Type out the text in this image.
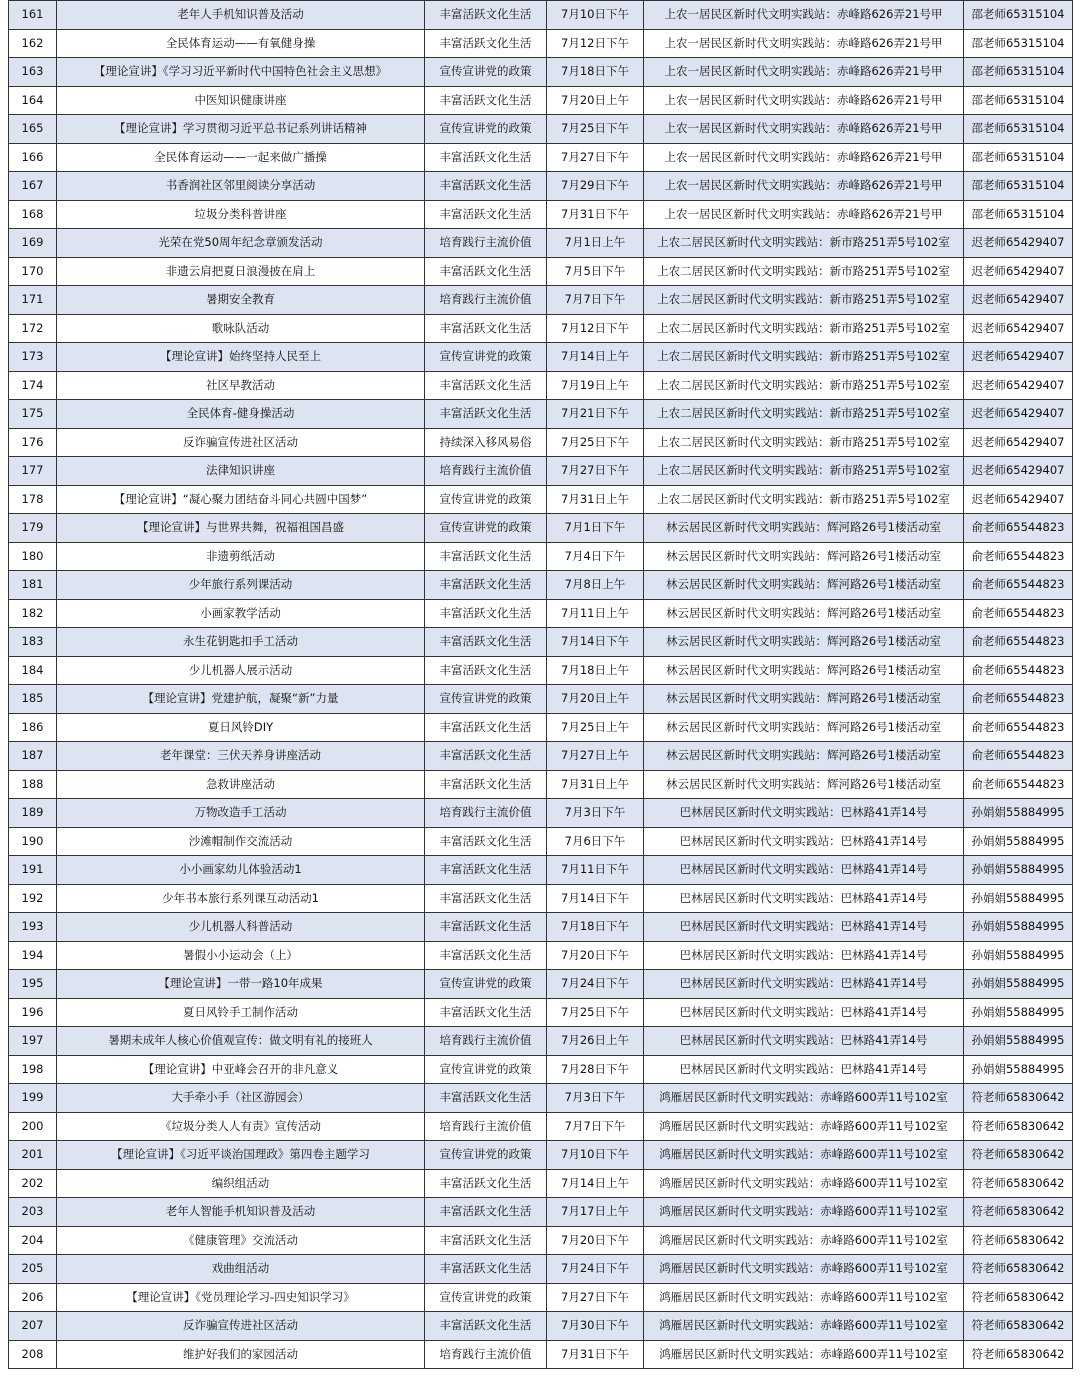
161	老年人手机知识普及活动	丰富活跃文化生活	7月10日下午	上农一居民区新时代文明实践站：赤峰路626弄21号甲	邵老师65315104
162	全民体育运动——有氧健身操	丰富活跃文化生活	7月12日下午	上农一居民区新时代文明实践站：赤峰路626弄21号甲	邵老师65315104
163	【理论宣讲】《学习习近平新时代中国特色社会主义思想》	宣传宣讲党的政策	7月18日下午	上农一居民区新时代文明实践站：赤峰路626弄21号甲	邵老师65315104
164	中医知识健康讲座	丰富活跃文化生活	7月20日上午	上农一居民区新时代文明实践站：赤峰路626弄21号甲	邵老师65315104
165	【理论宣讲】学习贯彻习近平总书记系列讲话精神	宣传宣讲党的政策	7月25日下午	上农一居民区新时代文明实践站：赤峰路626弄21号甲	邵老师65315104
166	全民体育运动——一起来做广播操	丰富活跃文化生活	7月27日下午	上农一居民区新时代文明实践站：赤峰路626弄21号甲	邵老师65315104
167	书香润社区邻里阅读分享活动	丰富活跃文化生活	7月29日下午	上农一居民区新时代文明实践站：赤峰路626弄21号甲	邵老师65315104
168	垃圾分类科普讲座	丰富活跃文化生活	7月31日下午	上农一居民区新时代文明实践站：赤峰路626弄21号甲	邵老师65315104
169	光荣在党50周年纪念章颁发活动	培育践行主流价值	7月1日上午	上农二居民区新时代文明实践站：新市路251弄5号102室	迟老师65429407
170	非遗云肩把夏日浪漫披在肩上	丰富活跃文化生活	7月5日下午	上农二居民区新时代文明实践站：新市路251弄5号102室	迟老师65429407
171	暑期安全教育	培育践行主流价值	7月7日下午	上农二居民区新时代文明实践站：新市路251弄5号102室	迟老师65429407
172	歌咏队活动	丰富活跃文化生活	7月12日下午	上农二居民区新时代文明实践站：新市路251弄5号102室	迟老师65429407
173	【理论宣讲】始终坚持人民至上	宣传宣讲党的政策	7月14日上午	上农二居民区新时代文明实践站：新市路251弄5号102室	迟老师65429407
174	社区早教活动	丰富活跃文化生活	7月19日上午	上农二居民区新时代文明实践站：新市路251弄5号102室	迟老师65429407
175	全民体育-健身操活动	丰富活跃文化生活	7月21日下午	上农二居民区新时代文明实践站：新市路251弄5号102室	迟老师65429407
176	反诈骗宣传进社区活动	持续深入移风易俗	7月25日下午	上农二居民区新时代文明实践站：新市路251弄5号102室	迟老师65429407
177	法律知识讲座	培育践行主流价值	7月27日下午	上农二居民区新时代文明实践站：新市路251弄5号102室	迟老师65429407
178	【理论宣讲】“凝心聚力团结奋斗同心共圆中国梦”	宣传宣讲党的政策	7月31日上午	上农二居民区新时代文明实践站：新市路251弄5号102室	迟老师65429407
179	【理论宣讲】与世界共舞，祝福祖国昌盛	宣传宣讲党的政策	7月1日下午	林云居民区新时代文明实践站：辉河路26号1楼活动室	俞老师65544823
180	非遗剪纸活动	丰富活跃文化生活	7月4日下午	林云居民区新时代文明实践站：辉河路26号1楼活动室	俞老师65544823
181	少年旅行系列课活动	丰富活跃文化生活	7月8日上午	林云居民区新时代文明实践站：辉河路26号1楼活动室	俞老师65544823
182	小画家教学活动	丰富活跃文化生活	7月11日上午	林云居民区新时代文明实践站：辉河路26号1楼活动室	俞老师65544823
183	永生花钥匙扣手工活动	丰富活跃文化生活	7月14日下午	林云居民区新时代文明实践站：辉河路26号1楼活动室	俞老师65544823
184	少儿机器人展示活动	丰富活跃文化生活	7月18日上午	林云居民区新时代文明实践站：辉河路26号1楼活动室	俞老师65544823
185	【理论宣讲】党建护航，凝聚“新”力量	宣传宣讲党的政策	7月20日上午	林云居民区新时代文明实践站：辉河路26号1楼活动室	俞老师65544823
186	夏日风铃DIY	丰富活跃文化生活	7月25日上午	林云居民区新时代文明实践站：辉河路26号1楼活动室	俞老师65544823
187	老年课堂：三伏天养身讲座活动	丰富活跃文化生活	7月27日上午	林云居民区新时代文明实践站：辉河路26号1楼活动室	俞老师65544823
188	急救讲座活动	丰富活跃文化生活	7月31日上午	林云居民区新时代文明实践站：辉河路26号1楼活动室	俞老师65544823
189	万物改造手工活动	培育践行主流价值	7月3日下午	巴林居民区新时代文明实践站：巴林路41弄14号	孙娟娟55884995
190	沙滩帽制作交流活动	丰富活跃文化生活	7月6日下午	巴林居民区新时代文明实践站：巴林路41弄14号	孙娟娟55884995
191	小小画家幼儿体验活动1	丰富活跃文化生活	7月11日下午	巴林居民区新时代文明实践站：巴林路41弄14号	孙娟娟55884995
192	少年书本旅行系列课互动活动1	丰富活跃文化生活	7月14日下午	巴林居民区新时代文明实践站：巴林路41弄14号	孙娟娟55884995
193	少儿机器人科普活动	丰富活跃文化生活	7月18日下午	巴林居民区新时代文明实践站：巴林路41弄14号	孙娟娟55884995
194	暑假小小运动会（上）	丰富活跃文化生活	7月20日下午	巴林居民区新时代文明实践站：巴林路41弄14号	孙娟娟55884995
195	【理论宣讲】一带一路10年成果	宣传宣讲党的政策	7月24日下午	巴林居民区新时代文明实践站：巴林路41弄14号	孙娟娟55884995
196	夏日风铃手工制作活动	丰富活跃文化生活	7月25日下午	巴林居民区新时代文明实践站：巴林路41弄14号	孙娟娟55884995
197	暑期未成年人核心价值观宣传：做文明有礼的接班人	培育践行主流价值	7月26日上午	巴林居民区新时代文明实践站：巴林路41弄14号	孙娟娟55884995
198	【理论宣讲】中亚峰会召开的非凡意义	宣传宣讲党的政策	7月28日下午	巴林居民区新时代文明实践站：巴林路41弄14号	孙娟娟55884995
199	大手牵小手（社区游园会）	丰富活跃文化生活	7月3日下午	鸿雁居民区新时代文明实践站：赤峰路600弄11号102室	符老师65830642
200	《垃圾分类人人有责》宣传活动	培育践行主流价值	7月7日下午	鸿雁居民区新时代文明实践站：赤峰路600弄11号102室	符老师65830642
201	【理论宣讲】《习近平谈治国理政》第四卷主题学习	宣传宣讲党的政策	7月10日下午	鸿雁居民区新时代文明实践站：赤峰路600弄11号102室	符老师65830642
202	编织组活动	丰富活跃文化生活	7月14日上午	鸿雁居民区新时代文明实践站：赤峰路600弄11号102室	符老师65830642
203	老年人智能手机知识普及活动	丰富活跃文化生活	7月17日上午	鸿雁居民区新时代文明实践站：赤峰路600弄11号102室	符老师65830642
204	《健康管理》交流活动	丰富活跃文化生活	7月20日下午	鸿雁居民区新时代文明实践站：赤峰路600弄11号102室	符老师65830642
205	戏曲组活动	丰富活跃文化生活	7月24日下午	鸿雁居民区新时代文明实践站：赤峰路600弄11号102室	符老师65830642
206	【理论宣讲】《党员理论学习-四史知识学习》	宣传宣讲党的政策	7月27日下午	鸿雁居民区新时代文明实践站：赤峰路600弄11号102室	符老师65830642
207	反诈骗宣传进社区活动	丰富活跃文化生活	7月30日下午	鸿雁居民区新时代文明实践站：赤峰路600弄11号102室	符老师65830642
208	维护好我们的家园活动	培育践行主流价值	7月31日下午	鸿雁居民区新时代文明实践站：赤峰路600弄11号102室	符老师65830642
